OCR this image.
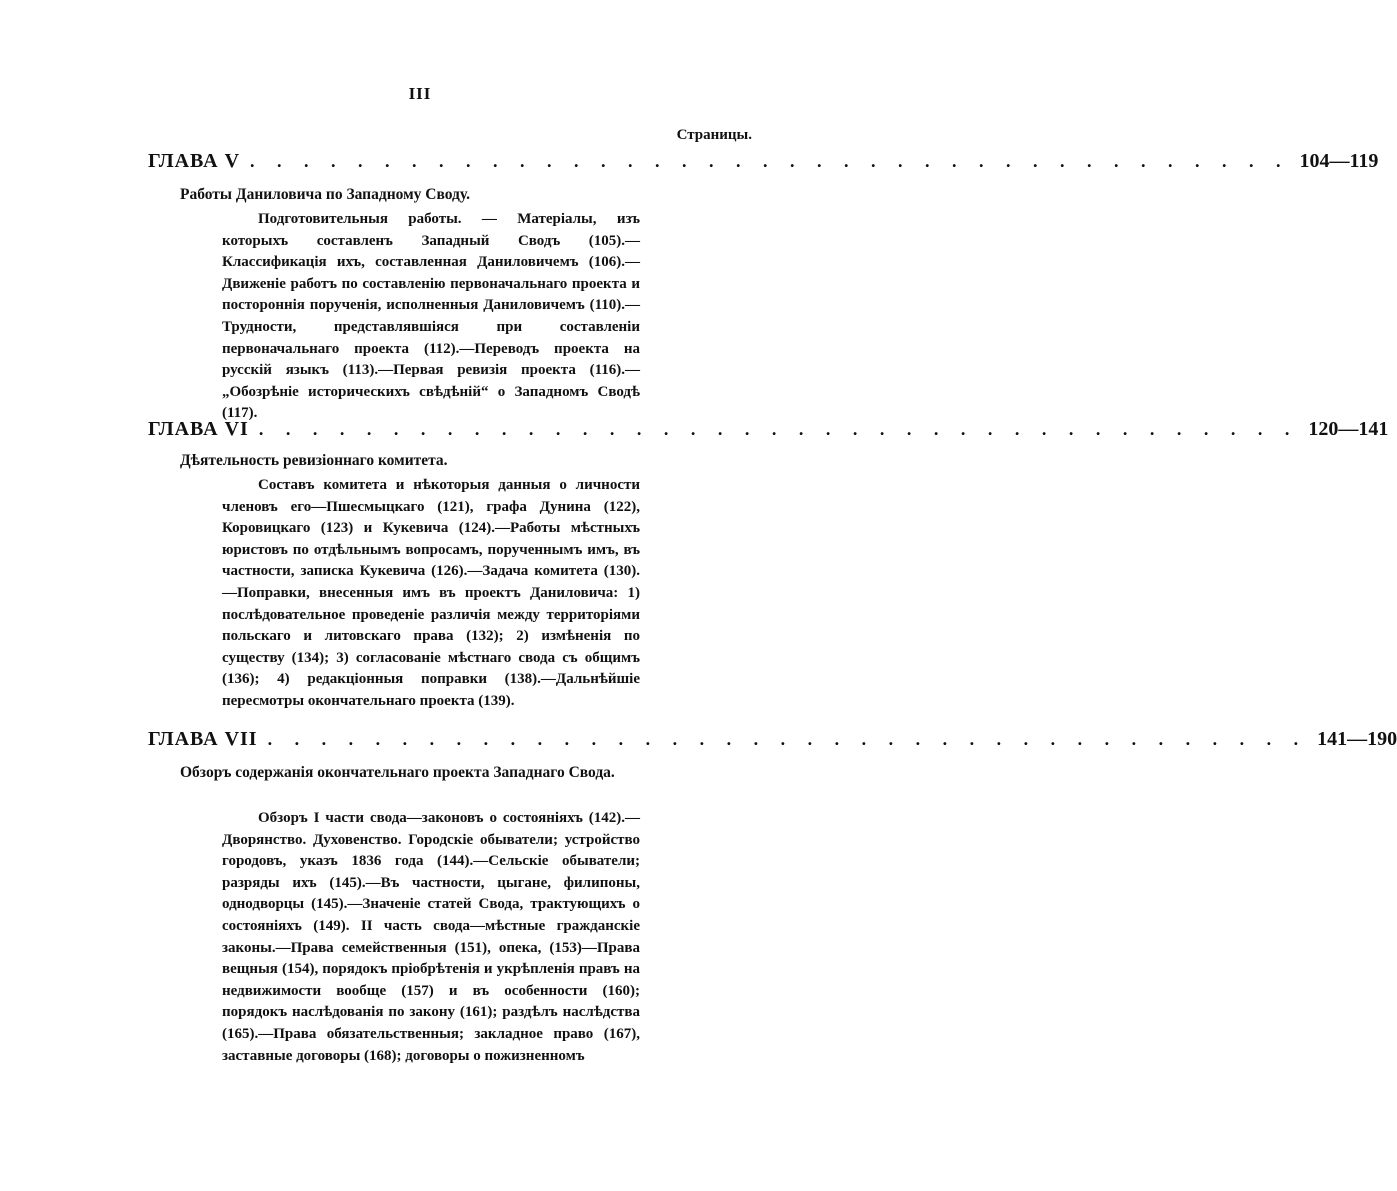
III
Страницы.
ГЛАВА V . . . . . . . . . . . . . . . . . . . . . . . . . . . . . . . . . . . . . . . 104—119
Работы Даниловича по Западному Своду.

Подготовительныя работы. — Матеріалы, изъ которыхъ составленъ Западный Сводъ (105).—Классификація ихъ, составленная Даниловичемъ (106).—Движеніе работъ по составленію первоначальнаго проекта и постороннія порученія, исполненныя Даниловичемъ (110).—Трудности, представлявшіяся при составленіи первоначальнаго проекта (112).—Переводъ проекта на русскій языкъ (113).—Первая ревизія проекта (116).— „Обозрѣніе историческихъ свѣдѣній“ о Западномъ Сводѣ (117).

ГЛАВА VI . . . . . . . . . . . . . . . . . . . . . . . . . . . . . . . . . . . . . . . 120—141
Дѣятельность ревизіоннаго комитета.

Составъ комитета и нѣкоторыя данныя о личности членовъ его—Пшесмыцкаго (121), графа Дунина (122), Коровицкаго (123) и Кукевича (124).—Работы мѣстныхъ юристовъ по отдѣльнымъ вопросамъ, порученнымъ имъ, въ частности, записка Кукевича (126).—Задача комитета (130).—Поправки, внесенныя имъ въ проектъ Даниловича: 1) послѣдовательное проведеніе различія между территоріями польскаго и литовскаго права (132); 2) измѣненія по существу (134); 3) согласованіе мѣстнаго свода съ общимъ (136); 4) редакціонныя поправки (138).—Дальнѣйшіе пересмотры окончательнаго проекта (139).

ГЛАВА VII . . . . . . . . . . . . . . . . . . . . . . . . . . . . . . . . . . . . . . . 141—190
Обзоръ содержанія окончательнаго проекта Западнаго Свода.

Обзоръ I части свода—законовъ о состояніяхъ (142).—Дворянство. Духовенство. Городскіе обыватели; устройство городовъ, указъ 1836 года (144).—Сельскіе обыватели; разряды ихъ (145).—Въ частности, цыгане, филипоны, однодворцы (145).—Значеніе статей Свода, трактующихъ о состояніяхъ (149). II часть свода—мѣстные гражданскіе законы.—Права семейственныя (151), опека, (153)—Права вещныя (154), порядокъ пріобрѣтенія и укрѣпленія правъ на недвижимости вообще (157) и въ особенности (160); порядокъ наслѣдованія по закону (161); раздѣлъ наслѣдства (165).—Права обязательственныя; закладное право (167), заставные договоры (168); договоры о пожизненномъ
